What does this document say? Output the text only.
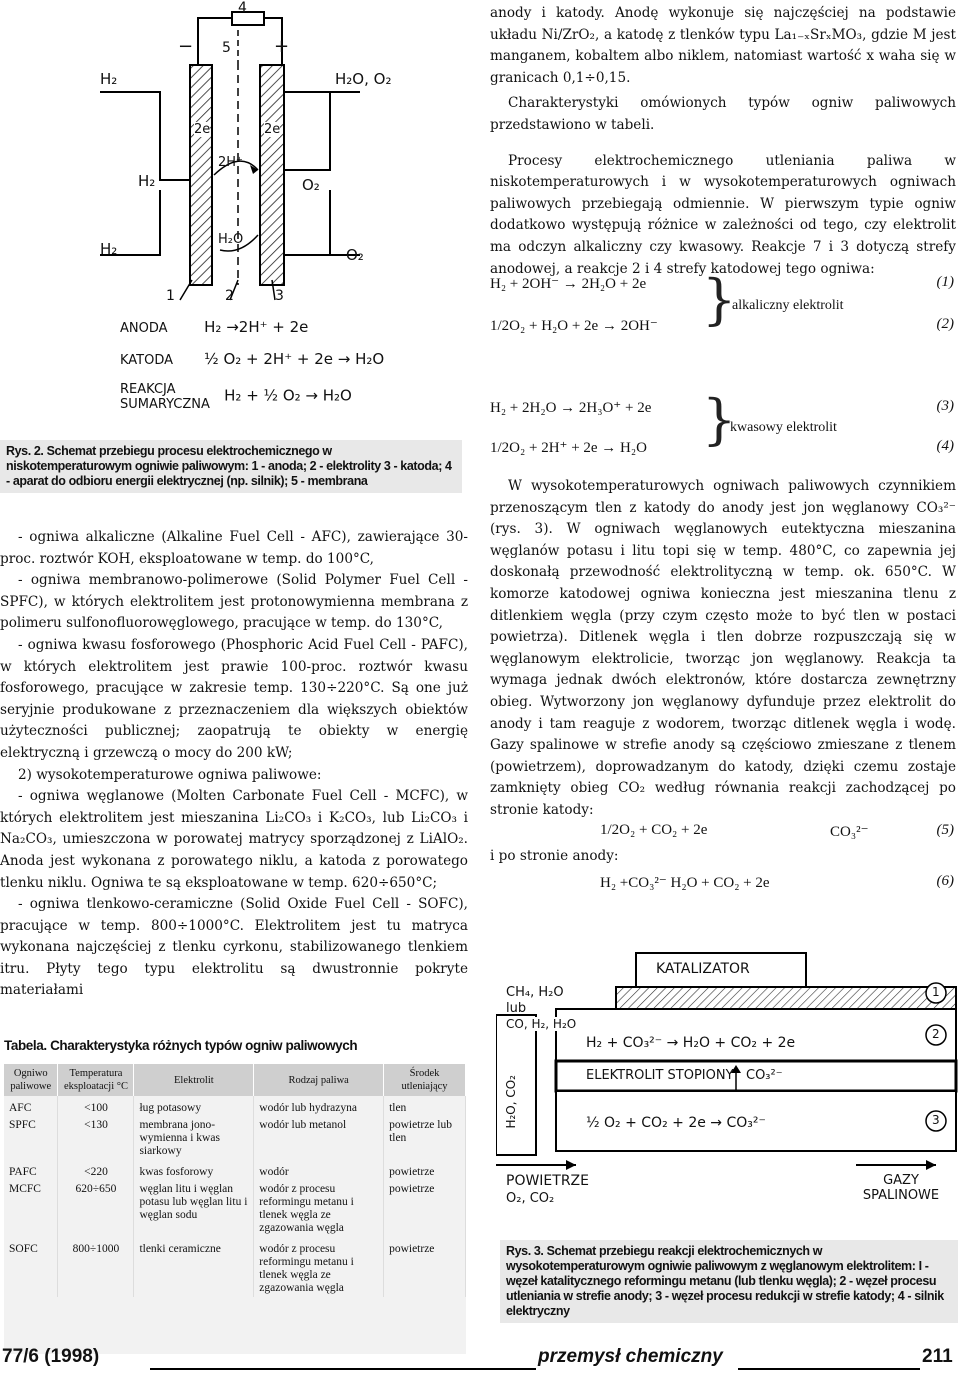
4
5
−	+
H₂	H₂O, O₂
2e	2e
2H⁺
H₂	O₂
H₂O
H₂	O₂
1	2	3
ANODA H₂ →2H⁺ + 2e
KATODA ½ O₂ + 2H⁺ + 2e → H₂O
REAKCJA SUMARYCZNA H₂ + ½ O₂ → H₂O
Rys. 2. Schemat przebiegu procesu elektrochemicznego w niskotemperaturowym ogniwie paliwowym: 1 - anoda; 2 - elektrolity 3 - katoda; 4 - aparat do odbioru energii elektrycznej (np. silnik); 5 - membrana

- ogniwa alkaliczne (Alkaline Fuel Cell - AFC), zawierające 30-proc. roztwór KOH, eksploatowane w temp. do 100°C,

- ogniwa membranowo-polimerowe (Solid Polymer Fuel Cell - SPFC), w których elektrolitem jest protonowymienna membrana z polimeru sulfonofluorowęglowego, pracujące w temp. do 130°C,

- ogniwa kwasu fosforowego (Phosphoric Acid Fuel Cell - PAFC), w których elektrolitem jest prawie 100-proc. roztwór kwasu fosforowego, pracujące w zakresie temp. 130÷220°C. Są one już seryjnie produkowane z przeznaczeniem dla większych obiektów użyteczności publicznej; zaopatrują te obiekty w energię elektryczną i grzewczą o mocy do 200 kW;

2) wysokotemperaturowe ogniwa paliwowe:

- ogniwa węglanowe (Molten Carbonate Fuel Cell - MCFC), w których elektrolitem jest mieszanina Li₂CO₃ i K₂CO₃, lub Li₂CO₃ i Na₂CO₃, umieszczona w porowatej matrycy sporządzonej z LiAlO₂. Anoda jest wykonana z porowatego niklu, a katoda z porowatego tlenku niklu. Ogniwa te są eksploatowane w temp. 620÷650°C;

- ogniwa tlenkowo-ceramiczne (Solid Oxide Fuel Cell - SOFC), pracujące w temp. 800÷1000°C. Elektrolitem jest tu matryca wykonana najczęściej z tlenku cyrkonu, stabilizowanego tlenkiem itru. Płyty tego typu elektrolitu są dwustronnie pokryte materiałami

anody i katody. Anodę wykonuje się najczęściej na podstawie układu Ni/ZrO₂, a katodę z tlenków typu La₁₋ₓSrₓMO₃, gdzie M jest manganem, kobaltem albo niklem, natomiast wartość x waha się w granicach 0,1÷0,15.

Charakterystyki omówionych typów ogniw paliwowych przedstawiono w tabeli.

Procesy elektrochemicznego utleniania paliwa w niskotemperaturowych i w wysokotemperaturowych ogniwach paliwowych przebiegają odmiennie. W pierwszym typie ogniw dodatkowo występują różnice w zależności od tego, czy elektrolit ma odczyn alkaliczny czy kwasowy. Reakcje 7 i 3 dotyczą strefy anodowej, a reakcje 2 i 4 strefy katodowej tego ogniwa:

H₂ + 2OH⁻ → 2H₂O + 2e	(1)
}
alkaliczny elektrolit
1/2O₂ + H₂O + 2e → 2OH⁻	(2)
H₂ + 2H₂O → 2H₃O⁺ + 2e	(3)
}
kwasowy elektrolit
1/2O₂ + 2H⁺ + 2e → H₂O	(4)

W wysokotemperaturowych ogniwach paliwowych czynnikiem przenoszącym tlen z katody do anody jest jon węglanowy CO₃²⁻ (rys. 3). W ogniwach węglanowych eutektyczna mieszanina węglanów potasu i litu topi się w temp. 480°C, co zapewnia jej doskonałą przewodność elektrolityczną w temp. ok. 650°C. W komorze katodowej ogniwa konieczna jest mieszanina tlenu z ditlenkiem węgla (przy czym często może to być tlen w postaci powietrza). Ditlenek węgla i tlen dobrze rozpuszczają się w węglanowym elektrolicie, tworząc jon węglanowy. Reakcja ta wymaga jednak dwóch elektronów, które dostarcza zewnętrzny obieg. Wytworzony jon węglanowy dyfunduje przez elektrolit do anody i tam reaguje z wodorem, tworząc ditlenek węgla i wodę. Gazy spalinowe w strefie anody są częściowo zmieszane z tlenem (powietrzem), doprowadzanym do katody, dzięki czemu zostaje zamknięty obieg CO₂ według równania reakcji zachodzącej po stronie katody:

1/2O₂ + CO₂ + 2e	CO₃²⁻	(5)
i po stronie anody:
H₂ +CO₃²⁻ H₂O + CO₂ + 2e	(6)
KATALIZATOR
CH₄, H₂O
lub
CO, H₂, H₂O
H₂ + CO₃²⁻ → H₂O + CO₂ + 2e
ELEKTROLIT STOPIONY CO₃²⁻
½ O₂ + CO₂ + 2e → CO₃²⁻
H₂O, CO₂
POWIETRZE
O₂, CO₂
GAZY SPALINOWE
1
2
3
Rys. 3. Schemat przebiegu reakcji elektrochemicznych w wysokotemperaturowym ogniwie paliwowym z węglanowym elektrolitem: I - węzeł katalitycznego reformingu metanu (lub tlenku węgla); 2 - węzeł procesu utleniania w strefie anody; 3 - węzeł procesu redukcji w strefie katody; 4 - silnik elektryczny
Tabela. Charakterystyka różnych typów ogniw paliwowych
Ogniwo paliwowe	Temperatura eksploatacji °C	Elektrolit	Rodzaj paliwa	Środek utleniający
AFC	<100	ług potasowy	wodór lub hydrazyna	tlen
SPFC	<130	membrana jono-wymienna i kwas siarkowy	wodór lub metanol	powietrze lub tlen
PAFC	<220	kwas fosforowy	wodór	powietrze
MCFC	620÷650	węglan litu i węglan potasu lub węglan litu i węglan sodu	wodór z procesu reformingu metanu i tlenek węgla ze zgazowania węgla	powietrze
SOFC	800÷1000	tlenki ceramiczne	wodór z procesu reformingu metanu i tlenek węgla ze zgazowania węgla	powietrze
77/6 (1998)	przemysł chemiczny	211
